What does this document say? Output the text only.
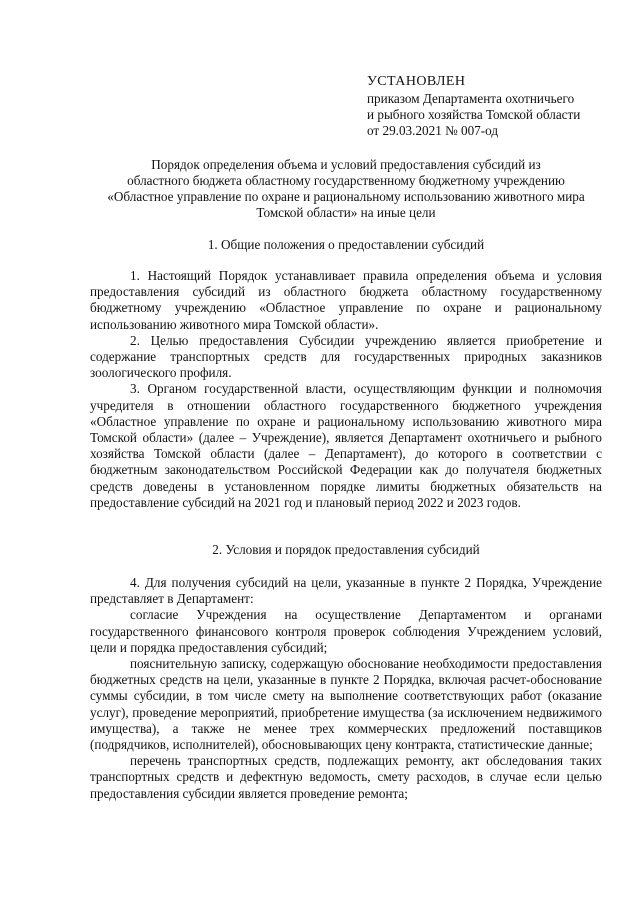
УСТАНОВЛЕН
приказом Департамента охотничьего
и рыбного хозяйства Томской области
от 29.03.2021 № 007-од
Порядок определения объема и условий предоставления субсидий из
областного бюджета областному государственному бюджетному учреждению
«Областное управление по охране и рациональному использованию животного мира
Томской области» на иные цели
1. Общие положения о предоставлении субсидий

1. Настоящий Порядок устанавливает правила определения объема и условия предоставления субсидий из областного бюджета областному государственному бюджетному учреждению «Областное управление по охране и рациональному использованию животного мира Томской области».

2. Целью предоставления Субсидии учреждению является приобретение и содержание транспортных средств для государственных природных заказников зоологического профиля.

3. Органом государственной власти, осуществляющим функции и полномочия учредителя в отношении областного государственного бюджетного учреждения «Областное управление по охране и рациональному использованию животного мира Томской области» (далее – Учреждение), является Департамент охотничьего и рыбного хозяйства Томской области (далее – Департамент), до которого в соответствии с бюджетным законодательством Российской Федерации как до получателя бюджетных средств доведены в установленном порядке лимиты бюджетных обязательств на предоставление субсидий на 2021 год и плановый период 2022 и 2023 годов.

2. Условия и порядок предоставления субсидий

4. Для получения субсидий на цели, указанные в пункте 2 Порядка, Учреждение представляет в Департамент:

согласие Учреждения на осуществление Департаментом и органами государственного финансового контроля проверок соблюдения Учреждением условий, цели и порядка предоставления субсидий;

пояснительную записку, содержащую обоснование необходимости предоставления бюджетных средств на цели, указанные в пункте 2 Порядка, включая расчет-обоснование суммы субсидии, в том числе смету на выполнение соответствующих работ (оказание услуг), проведение мероприятий, приобретение имущества (за исключением недвижимого имущества), а также не менее трех коммерческих предложений поставщиков (подрядчиков, исполнителей), обосновывающих цену контракта, статистические данные;

перечень транспортных средств, подлежащих ремонту, акт обследования таких транспортных средств и дефектную ведомость, смету расходов, в случае если целью предоставления субсидии является проведение ремонта;
